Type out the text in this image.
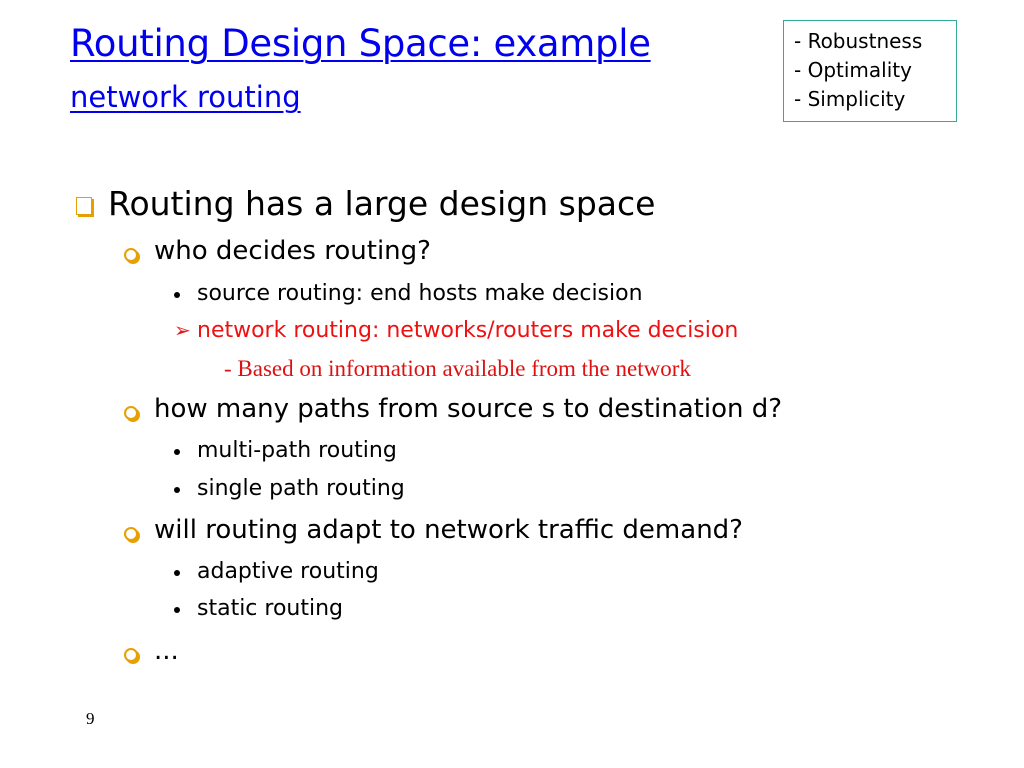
Routing Design Space: example
network routing
- Robustness
- Optimality
- Simplicity
Routing has a large design space
who decides routing?
source routing: end hosts make decision
➢ network routing: networks/routers make decision
- Based on information available from the network
how many paths from source s to destination d?
multi-path routing
single path routing
will routing adapt to network traffic demand?
adaptive routing
static routing
...
9
